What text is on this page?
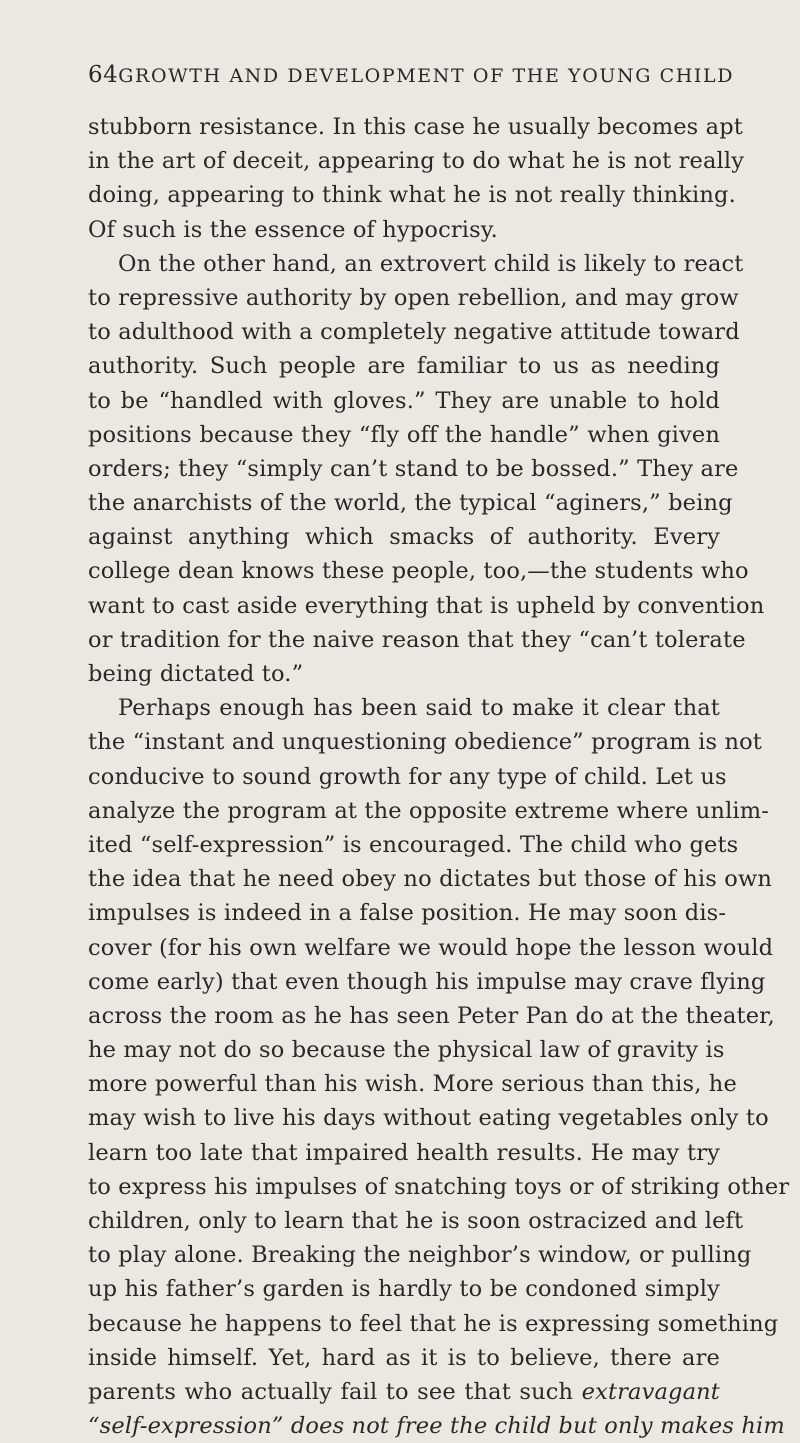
64 GROWTH AND DEVELOPMENT OF THE YOUNG CHILD
stubborn resistance. In this case he usually becomes apt
in the art of deceit, appearing to do what he is not really
doing, appearing to think what he is not really thinking.
Of such is the essence of hypocrisy.
On the other hand, an extrovert child is likely to react
to repressive authority by open rebellion, and may grow
to adulthood with a completely negative attitude toward
authority. Such people are familiar to us as needing
to be “handled with gloves.” They are unable to hold
positions because they “fly off the handle” when given
orders; they “simply can’t stand to be bossed.” They are
the anarchists of the world, the typical “aginers,” being
against anything which smacks of authority. Every
college dean knows these people, too,—the students who
want to cast aside everything that is upheld by convention
or tradition for the naive reason that they “can’t tolerate
being dictated to.”
Perhaps enough has been said to make it clear that
the “instant and unquestioning obedience” program is not
conducive to sound growth for any type of child. Let us
analyze the program at the opposite extreme where unlim-
ited “self-expression” is encouraged. The child who gets
the idea that he need obey no dictates but those of his own
impulses is indeed in a false position. He may soon dis-
cover (for his own welfare we would hope the lesson would
come early) that even though his impulse may crave flying
across the room as he has seen Peter Pan do at the theater,
he may not do so because the physical law of gravity is
more powerful than his wish. More serious than this, he
may wish to live his days without eating vegetables only to
learn too late that impaired health results. He may try
to express his impulses of snatching toys or of striking other
children, only to learn that he is soon ostracized and left
to play alone. Breaking the neighbor’s window, or pulling
up his father’s garden is hardly to be condoned simply
because he happens to feel that he is expressing something
inside himself. Yet, hard as it is to believe, there are
parents who actually fail to see that such extravagant
“self-expression” does not free the child but only makes him
